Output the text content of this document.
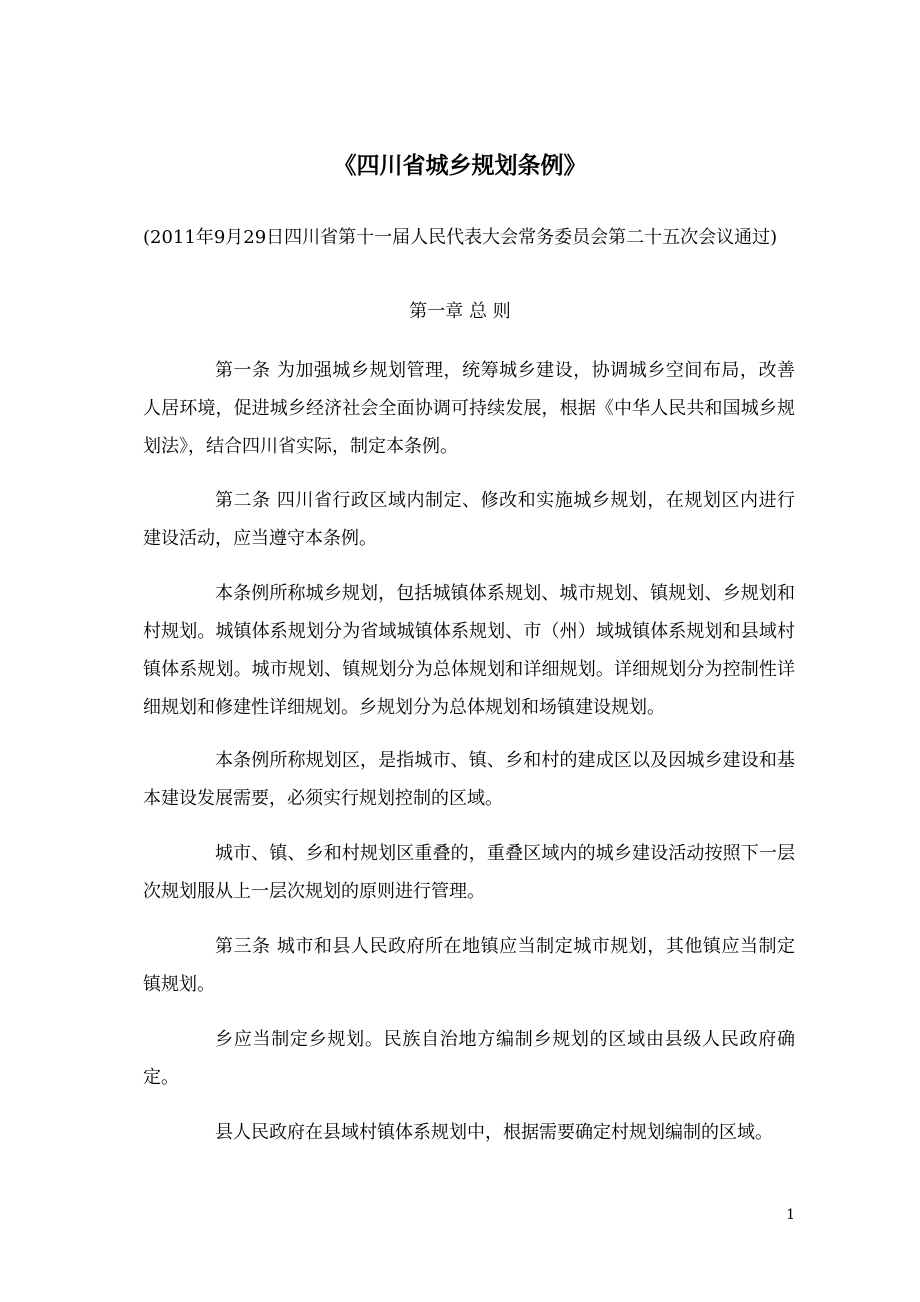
《四川省城乡规划条例》

(2011年9月29日四川省第十一届人民代表大会常务委员会第二十五次会议通过)

第一章 总 则

第一条 为加强城乡规划管理，统筹城乡建设，协调城乡空间布局，改善人居环境，促进城乡经济社会全面协调可持续发展，根据《中华人民共和国城乡规划法》，结合四川省实际，制定本条例。

第二条 四川省行政区域内制定、修改和实施城乡规划，在规划区内进行建设活动，应当遵守本条例。

本条例所称城乡规划，包括城镇体系规划、城市规划、镇规划、乡规划和村规划。城镇体系规划分为省域城镇体系规划、市（州）域城镇体系规划和县域村镇体系规划。城市规划、镇规划分为总体规划和详细规划。详细规划分为控制性详细规划和修建性详细规划。乡规划分为总体规划和场镇建设规划。

本条例所称规划区，是指城市、镇、乡和村的建成区以及因城乡建设和基本建设发展需要，必须实行规划控制的区域。

城市、镇、乡和村规划区重叠的，重叠区域内的城乡建设活动按照下一层次规划服从上一层次规划的原则进行管理。

第三条 城市和县人民政府所在地镇应当制定城市规划，其他镇应当制定镇规划。

乡应当制定乡规划。民族自治地方编制乡规划的区域由县级人民政府确定。

县人民政府在县域村镇体系规划中，根据需要确定村规划编制的区域。

1
